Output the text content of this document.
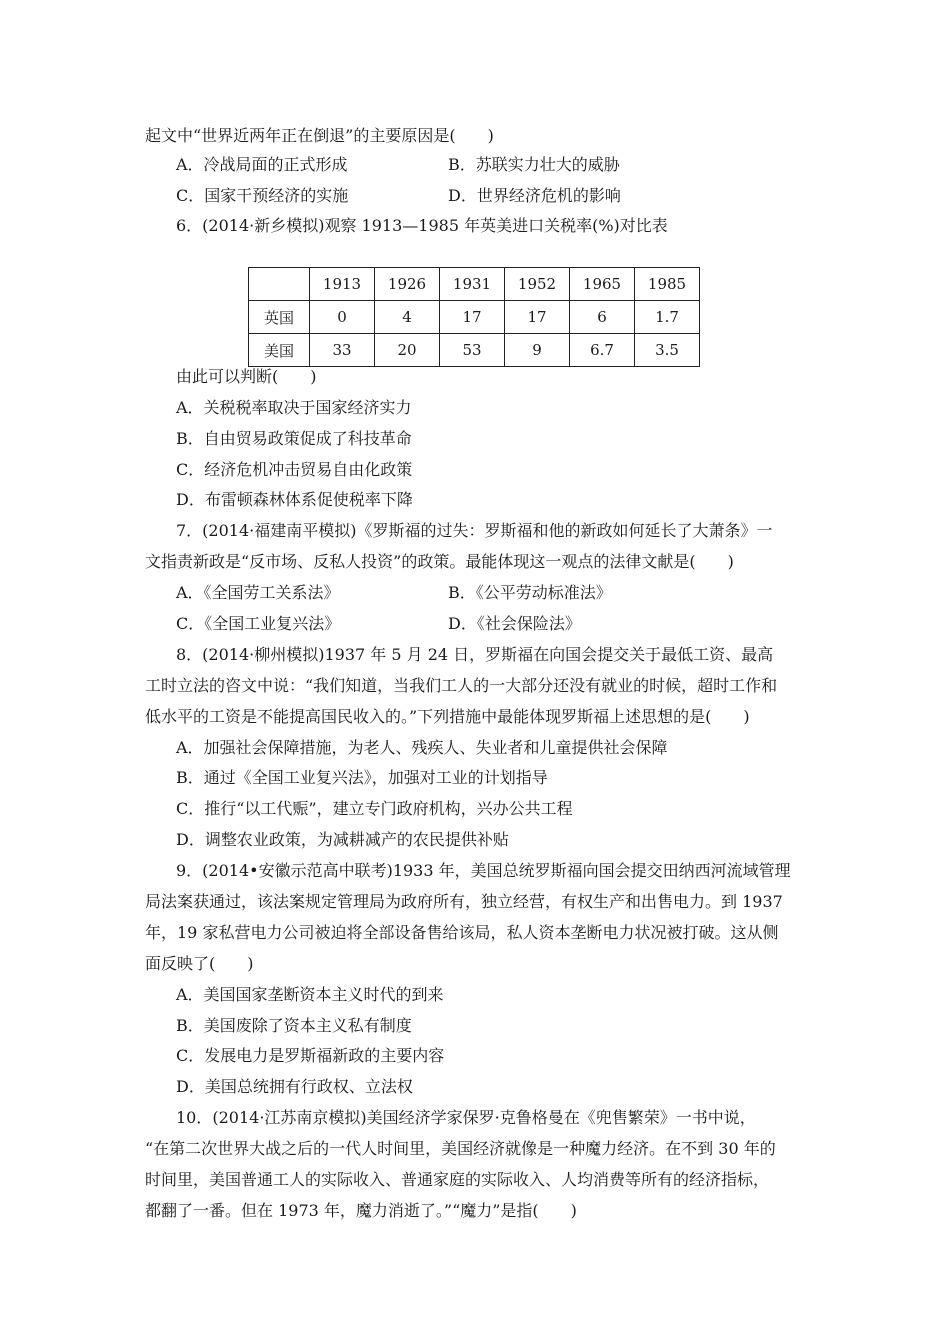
起文中“世界近两年正在倒退”的主要原因是(　　)
A．冷战局面的正式形成	B．苏联实力壮大的威胁
C．国家干预经济的实施	D．世界经济危机的影响
6．(2014·新乡模拟)观察 1913—1985 年英美进口关税率(%)对比表
	1913	1926	1931	1952	1965	1985
英国	0	4	17	17	6	1.7
美国	33	20	53	9	6.7	3.5
由此可以判断(　　)
A．关税税率取决于国家经济实力
B．自由贸易政策促成了科技革命
C．经济危机冲击贸易自由化政策
D．布雷顿森林体系促使税率下降
7．(2014·福建南平模拟)《罗斯福的过失：罗斯福和他的新政如何延长了大萧条》一
文指责新政是“反市场、反私人投资”的政策。最能体现这一观点的法律文献是(　　)
A．《全国劳工关系法》	B．《公平劳动标准法》
C．《全国工业复兴法》	D．《社会保险法》
8．(2014·柳州模拟)1937 年 5 月 24 日，罗斯福在向国会提交关于最低工资、最高
工时立法的咨文中说：“我们知道，当我们工人的一大部分还没有就业的时候，超时工作和
低水平的工资是不能提高国民收入的。”下列措施中最能体现罗斯福上述思想的是(　　)
A．加强社会保障措施，为老人、残疾人、失业者和儿童提供社会保障
B．通过《全国工业复兴法》，加强对工业的计划指导
C．推行“以工代赈”，建立专门政府机构，兴办公共工程
D．调整农业政策，为减耕减产的农民提供补贴
9．(2014•安徽示范高中联考)1933 年，美国总统罗斯福向国会提交田纳西河流域管理
局法案获通过，该法案规定管理局为政府所有，独立经营，有权生产和出售电力。到 1937
年，19 家私营电力公司被迫将全部设备售给该局，私人资本垄断电力状况被打破。这从侧
面反映了(　　)
A．美国国家垄断资本主义时代的到来
B．美国废除了资本主义私有制度
C．发展电力是罗斯福新政的主要内容
D．美国总统拥有行政权、立法权
10．(2014·江苏南京模拟)美国经济学家保罗·克鲁格曼在《兜售繁荣》一书中说，
“在第二次世界大战之后的一代人时间里，美国经济就像是一种魔力经济。在不到 30 年的
时间里，美国普通工人的实际收入、普通家庭的实际收入、人均消费等所有的经济指标，
都翻了一番。但在 1973 年，魔力消逝了。”“魔力”是指(　　)
